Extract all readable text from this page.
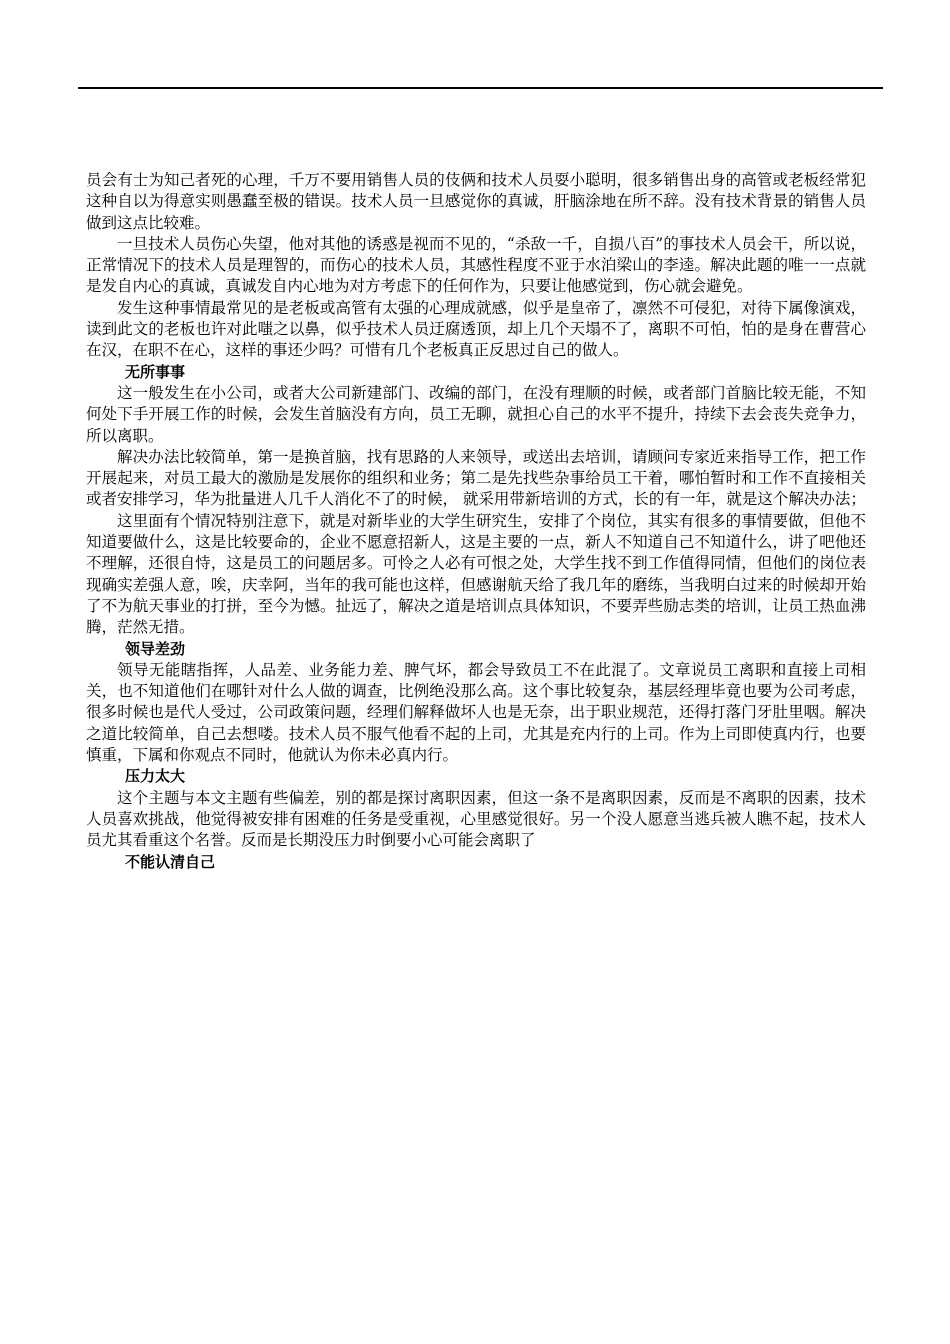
员会有士为知己者死的心理，千万不要用销售人员的伎俩和技术人员耍小聪明，很多销售出身的高管或老板经常犯这种自以为得意实则愚蠢至极的错误。技术人员一旦感觉你的真诚，肝脑涂地在所不辞。没有技术背景的销售人员做到这点比较难。

一旦技术人员伤心失望，他对其他的诱惑是视而不见的，“杀敌一千，自损八百”的事技术人员会干，所以说，正常情况下的技术人员是理智的，而伤心的技术人员，其感性程度不亚于水泊梁山的李逵。解决此题的唯一一点就是发自内心的真诚，真诚发自内心地为对方考虑下的任何作为，只要让他感觉到，伤心就会避免。

发生这种事情最常见的是老板或高管有太强的心理成就感，似乎是皇帝了，凛然不可侵犯，对待下属像演戏，读到此文的老板也许对此嗤之以鼻，似乎技术人员迂腐透顶，却上几个天塌不了，离职不可怕，怕的是身在曹营心在汉，在职不在心，这样的事还少吗？可惜有几个老板真正反思过自己的做人。

无所事事

这一般发生在小公司，或者大公司新建部门、改编的部门，在没有理顺的时候，或者部门首脑比较无能，不知何处下手开展工作的时候，会发生首脑没有方向，员工无聊，就担心自己的水平不提升，持续下去会丧失竞争力，所以离职。

解决办法比较简单，第一是换首脑，找有思路的人来领导，或送出去培训，请顾问专家近来指导工作，把工作开展起来，对员工最大的激励是发展你的组织和业务；第二是先找些杂事给员工干着，哪怕暂时和工作不直接相关或者安排学习，华为批量进人几千人消化不了的时候， 就采用带新培训的方式，长的有一年，就是这个解决办法；

这里面有个情况特别注意下，就是对新毕业的大学生研究生，安排了个岗位，其实有很多的事情要做，但他不知道要做什么，这是比较要命的，企业不愿意招新人，这是主要的一点，新人不知道自己不知道什么，讲了吧他还不理解，还很自恃，这是员工的问题居多。可怜之人必有可恨之处，大学生找不到工作值得同情，但他们的岗位表现确实差强人意，唉，庆幸阿，当年的我可能也这样，但感谢航天给了我几年的磨练，当我明白过来的时候却开始了不为航天事业的打拼，至今为憾。扯远了，解决之道是培训点具体知识，不要弄些励志类的培训，让员工热血沸腾，茫然无措。

领导差劲

领导无能瞎指挥，人品差、业务能力差、脾气坏，都会导致员工不在此混了。文章说员工离职和直接上司相关，也不知道他们在哪针对什么人做的调查，比例绝没那么高。这个事比较复杂，基层经理毕竟也要为公司考虑，很多时候也是代人受过，公司政策问题，经理们解释做坏人也是无奈，出于职业规范，还得打落门牙肚里咽。解决之道比较简单，自己去想喽。技术人员不服气他看不起的上司，尤其是充内行的上司。作为上司即使真内行，也要慎重，下属和你观点不同时，他就认为你未必真内行。

压力太大

这个主题与本文主题有些偏差，别的都是探讨离职因素，但这一条不是离职因素，反而是不离职的因素，技术人员喜欢挑战，他觉得被安排有困难的任务是受重视，心里感觉很好。另一个没人愿意当逃兵被人瞧不起，技术人员尤其看重这个名誉。反而是长期没压力时倒要小心可能会离职了

不能认清自己
